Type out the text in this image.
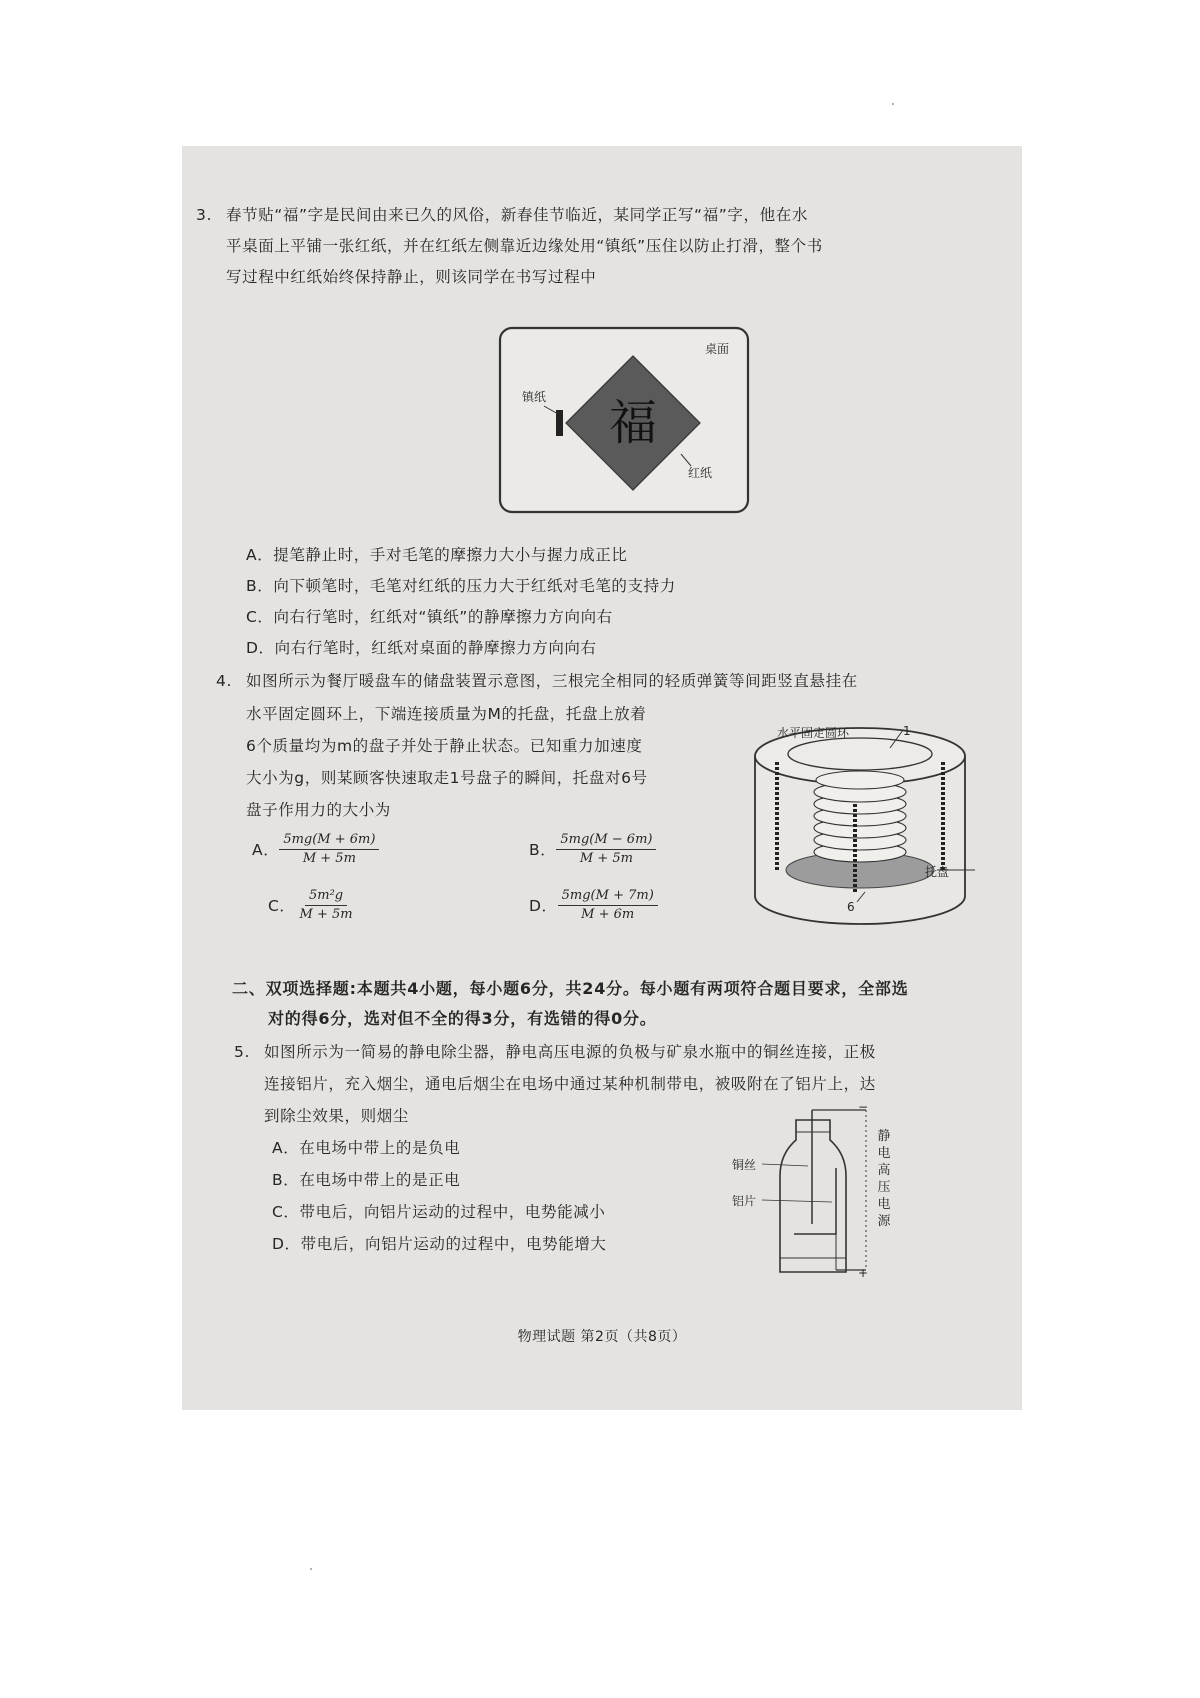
3. 春节贴“福”字是民间由来已久的风俗，新春佳节临近，某同学正写“福”字，他在水
平桌面上平铺一张红纸，并在红纸左侧靠近边缘处用“镇纸”压住以防止打滑，整个书
写过程中红纸始终保持静止，则该同学在书写过程中
桌面
镇纸
红纸
福
A．提笔静止时，手对毛笔的摩擦力大小与握力成正比
B．向下顿笔时，毛笔对红纸的压力大于红纸对毛笔的支持力
C．向右行笔时，红纸对“镇纸”的静摩擦力方向向右
D．向右行笔时，红纸对桌面的静摩擦力方向向右
4. 如图所示为餐厅暖盘车的储盘装置示意图，三根完全相同的轻质弹簧等间距竖直悬挂在
水平固定圆环上，下端连接质量为M的托盘，托盘上放着
6个质量均为m的盘子并处于静止状态。已知重力加速度
大小为g，则某顾客快速取走1号盘子的瞬间，托盘对6号
盘子作用力的大小为
A． $\frac{5mg(M + 6m)}{M + 5m}$	B． $\frac{5mg(M - 6m)}{M + 5m}$
C． $\frac{\text{5m²g}}{M + 5m}$	D． $\frac{5mg(M + 7m)}{M + 6m}$
水平固定圆环	1
托盘
6
二、双项选择题:本题共4小题，每小题6分，共24分。每小题有两项符合题目要求，全部选
对的得6分，选对但不全的得3分，有选错的得0分。
5. 如图所示为一简易的静电除尘器，静电高压电源的负极与矿泉水瓶中的铜丝连接，正极
连接铝片，充入烟尘，通电后烟尘在电场中通过某种机制带电，被吸附在了铝片上，达
到除尘效果，则烟尘
A．在电场中带上的是负电
B．在电场中带上的是正电
C．带电后，向铝片运动的过程中，电势能减小
D．带电后，向铝片运动的过程中，电势能增大
−
+
铜丝
铝片
静
电
高
压
电
源
物理试题 第2页（共8页）
